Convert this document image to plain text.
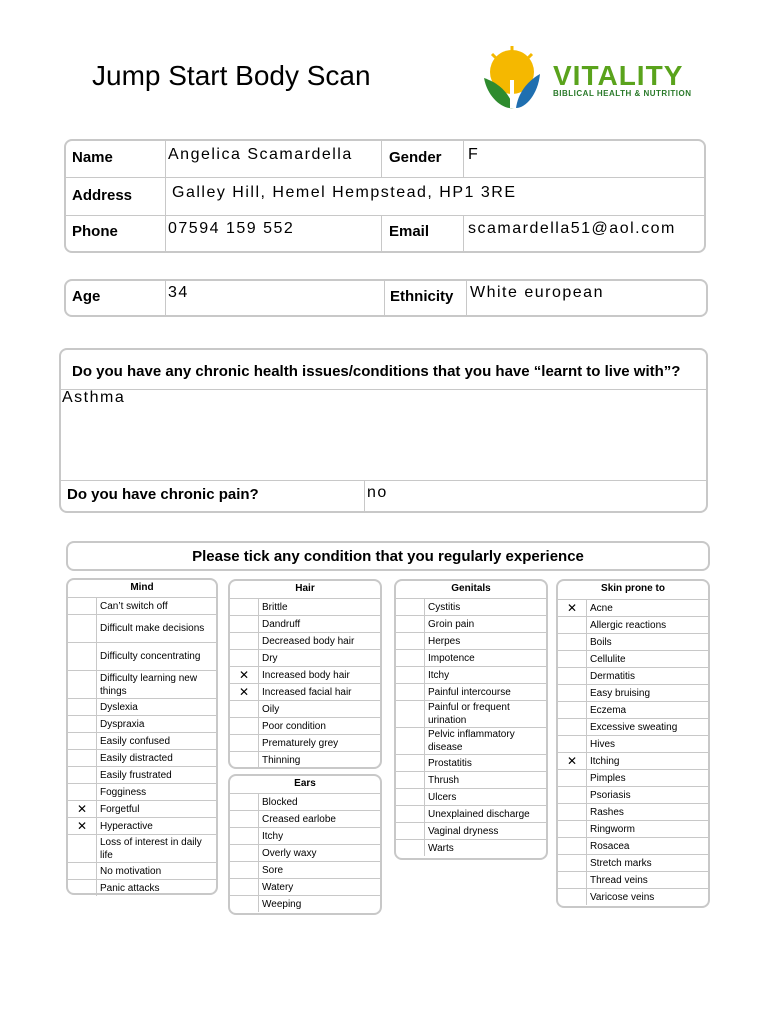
Jump Start Body Scan	VITALITY
BIBLICAL HEALTH & NUTRITION
Name	Angelica Scamardella Gender F
Address Galley Hill, Hemel Hempstead, HP1 3RE
Phone	07594 159 552	Email scamardella51@aol.com
Age	34	Ethnicity White european
Do you have any chronic health issues/conditions that you have “learnt to live with”?
Asthma
Do you have chronic pain?	no
Please tick any condition that you regularly experience
Mind
Can’t switch off
Difficult make decisions
Difficulty concentrating
Difficulty learning new things
Dyslexia
Dyspraxia
Easily confused
Easily distracted
Easily frustrated
Fogginess
✕	Forgetful
✕	Hyperactive
Loss of interest in daily life
No motivation
Panic attacks
Hair
Brittle
Dandruff
Decreased body hair
Dry
✕	Increased body hair
✕	Increased facial hair
Oily
Poor condition
Prematurely grey
Thinning
Ears
Blocked
Creased earlobe
Itchy
Overly waxy
Sore
Watery
Weeping
Genitals
Cystitis
Groin pain
Herpes
Impotence
Itchy
Painful intercourse
Painful or frequent urination
Pelvic inflammatory disease
Prostatitis
Thrush
Ulcers
Unexplained discharge
Vaginal dryness
Warts
Skin prone to
✕	Acne
Allergic reactions
Boils
Cellulite
Dermatitis
Easy bruising
Eczema
Excessive sweating
Hives
✕	Itching
Pimples
Psoriasis
Rashes
Ringworm
Rosacea
Stretch marks
Thread veins
Varicose veins
